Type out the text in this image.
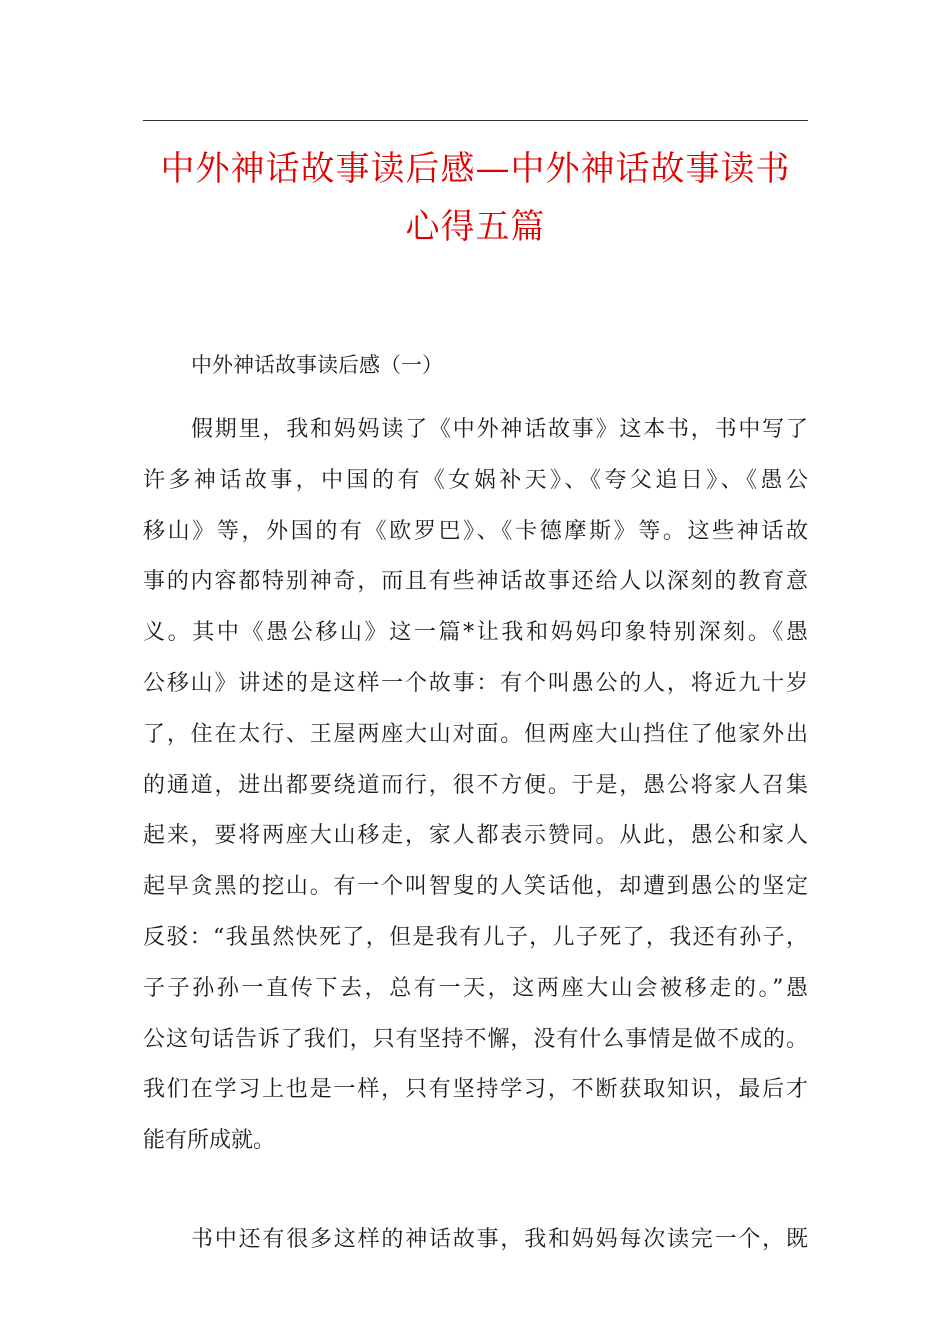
中外神话故事读后感—中外神话故事读书
心得五篇

中外神话故事读后感（一）

假期里，我和妈妈读了《中外神话故事》这本书，书中写了
许多神话故事，中国的有《女娲补天》、《夸父追日》、《愚公
移山》等，外国的有《欧罗巴》、《卡德摩斯》等。这些神话故
事的内容都特别神奇，而且有些神话故事还给人以深刻的教育意
义。其中《愚公移山》这一篇*让我和妈妈印象特别深刻。《愚
公移山》讲述的是这样一个故事：有个叫愚公的人，将近九十岁
了，住在太行、王屋两座大山对面。但两座大山挡住了他家外出
的通道，进出都要绕道而行，很不方便。于是，愚公将家人召集
起来，要将两座大山移走，家人都表示赞同。从此，愚公和家人
起早贪黑的挖山。有一个叫智叟的人笑话他，却遭到愚公的坚定
反驳：“我虽然快死了，但是我有儿子，儿子死了，我还有孙子，
子子孙孙一直传下去，总有一天，这两座大山会被移走的。”愚
公这句话告诉了我们，只有坚持不懈，没有什么事情是做不成的。
我们在学习上也是一样，只有坚持学习，不断获取知识，最后才
能有所成就。

书中还有很多这样的神话故事，我和妈妈每次读完一个，既
